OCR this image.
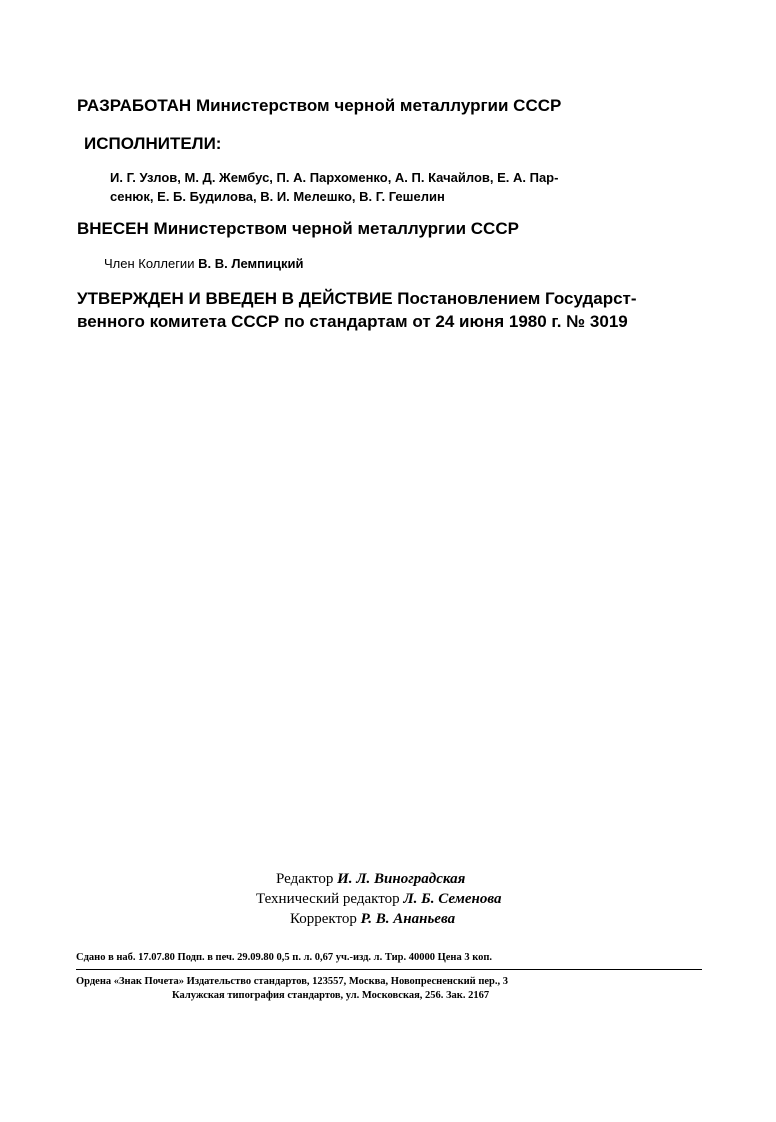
РАЗРАБОТАН Министерством черной металлургии СССР
ИСПОЛНИТЕЛИ:
И. Г. Узлов, М. Д. Жембус, П. А. Пархоменко, А. П. Качайлов, Е. А. Пар-
сенюк, Е. Б. Будилова, В. И. Мелешко, В. Г. Гешелин
ВНЕСЕН Министерством черной металлургии СССР
Член Коллегии В. В. Лемпицкий
УТВЕРЖДЕН И ВВЕДЕН В ДЕЙСТВИЕ Постановлением Государст-
венного комитета СССР по стандартам от 24 июня 1980 г. № 3019
Редактор И. Л. Виноградская
Технический редактор Л. Б. Семенова
Корректор Р. В. Ананьева
Сдано в наб. 17.07.80 Подп. в печ. 29.09.80 0,5 п. л. 0,67 уч.-изд. л. Тир. 40000 Цена 3 коп.
Ордена «Знак Почета» Издательство стандартов, 123557, Москва, Новопресненский пер., 3
Калужская типография стандартов, ул. Московская, 256. Зак. 2167
